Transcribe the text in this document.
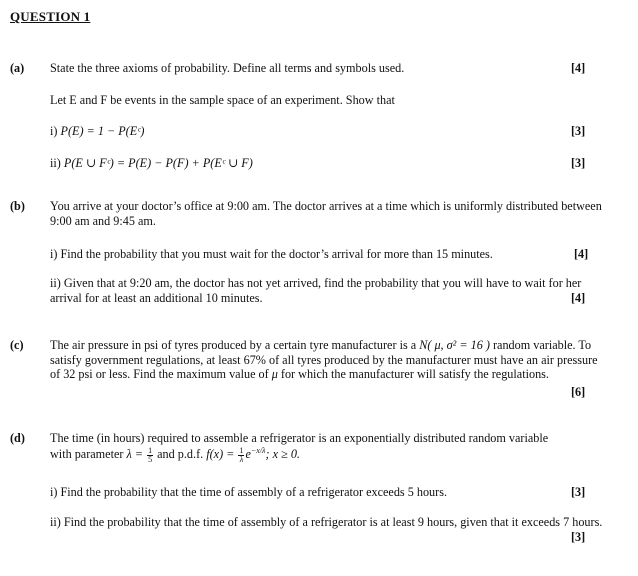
QUESTION 1
(a) State the three axioms of probability. Define all terms and symbols used.	[4]
Let E and F be events in the sample space of an experiment. Show that
i) P(E) = 1 − P(Eᶜ)	[3]
ii) P(E ∪ Fᶜ) = P(E) − P(F) + P(Eᶜ ∪ F)	[3]
(b) You arrive at your doctor’s office at 9:00 am. The doctor arrives at a time which is uniformly distributed between 9:00 am and 9:45 am.
i) Find the probability that you must wait for the doctor’s arrival for more than 15 minutes.	[4]
ii) Given that at 9:20 am, the doctor has not yet arrived, find the probability that you will have to wait for her arrival for at least an additional 10 minutes.	[4]
(c) The air pressure in psi of tyres produced by a certain tyre manufacturer is a N( μ, σ² = 16 ) random variable. To satisfy government regulations, at least 67% of all tyres produced by the manufacturer must have an air pressure of 32 psi or less. Find the maximum value of μ for which the manufacturer will satisfy the regulations.
[6]
(d) The time (in hours) required to assemble a refrigerator is an exponentially distributed random variable
with parameter $\lambda = \frac{1}{5}$ and p.d.f. $f(x) = \frac{1}{\lambda} e^{-x/\lambda}$; x ≥ 0.
i) Find the probability that the time of assembly of a refrigerator exceeds 5 hours.	[3]
ii) Find the probability that the time of assembly of a refrigerator is at least 9 hours, given that it exceeds 7 hours.
[3]
